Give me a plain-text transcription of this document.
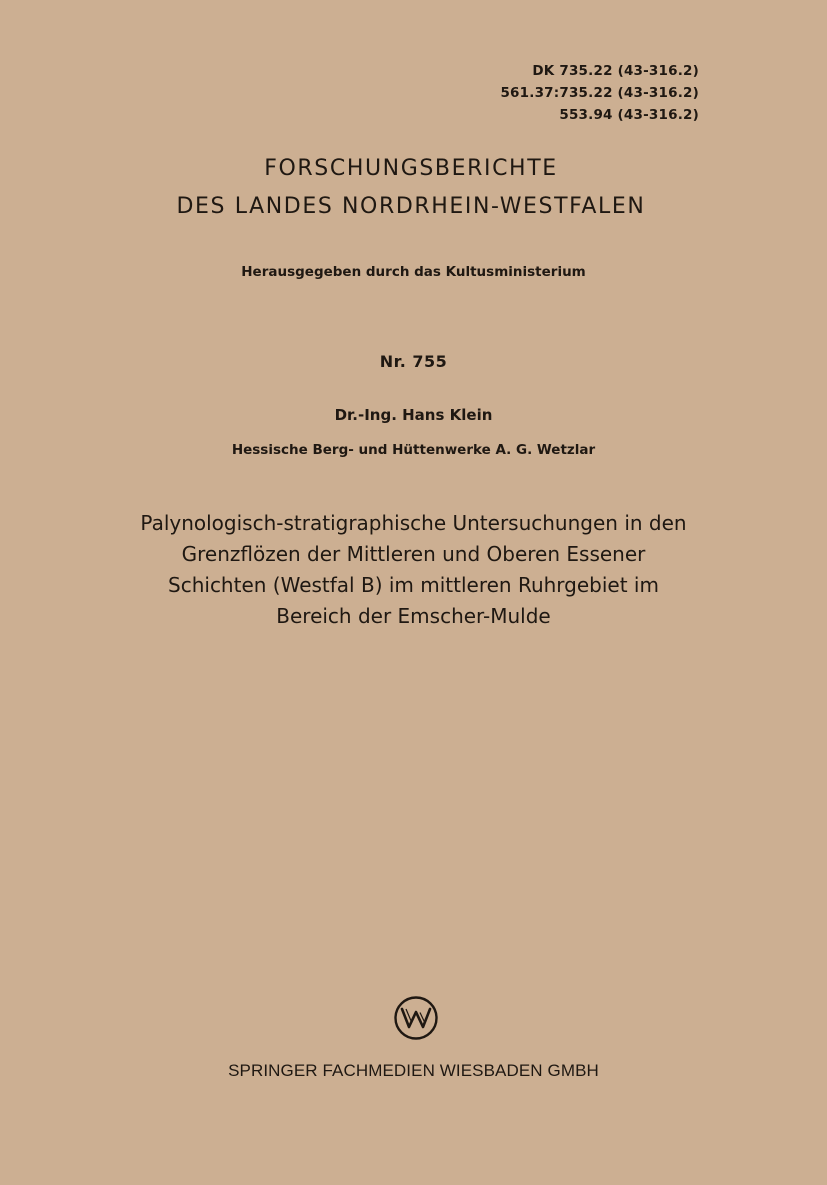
DK 735.22 (43-316.2)
561.37:735.22 (43-316.2)
553.94 (43-316.2)
FORSCHUNGSBERICHTE
DES LANDES NORDRHEIN-WESTFALEN
Herausgegeben durch das Kultusministerium
Nr. 755
Dr.-Ing. Hans Klein
Hessische Berg- und Hüttenwerke A. G. Wetzlar
Palynologisch-stratigraphische Untersuchungen in den
Grenzflözen der Mittleren und Oberen Essener
Schichten (Westfal B) im mittleren Ruhrgebiet im
Bereich der Emscher-Mulde
SPRINGER FACHMEDIEN WIESBADEN GMBH
